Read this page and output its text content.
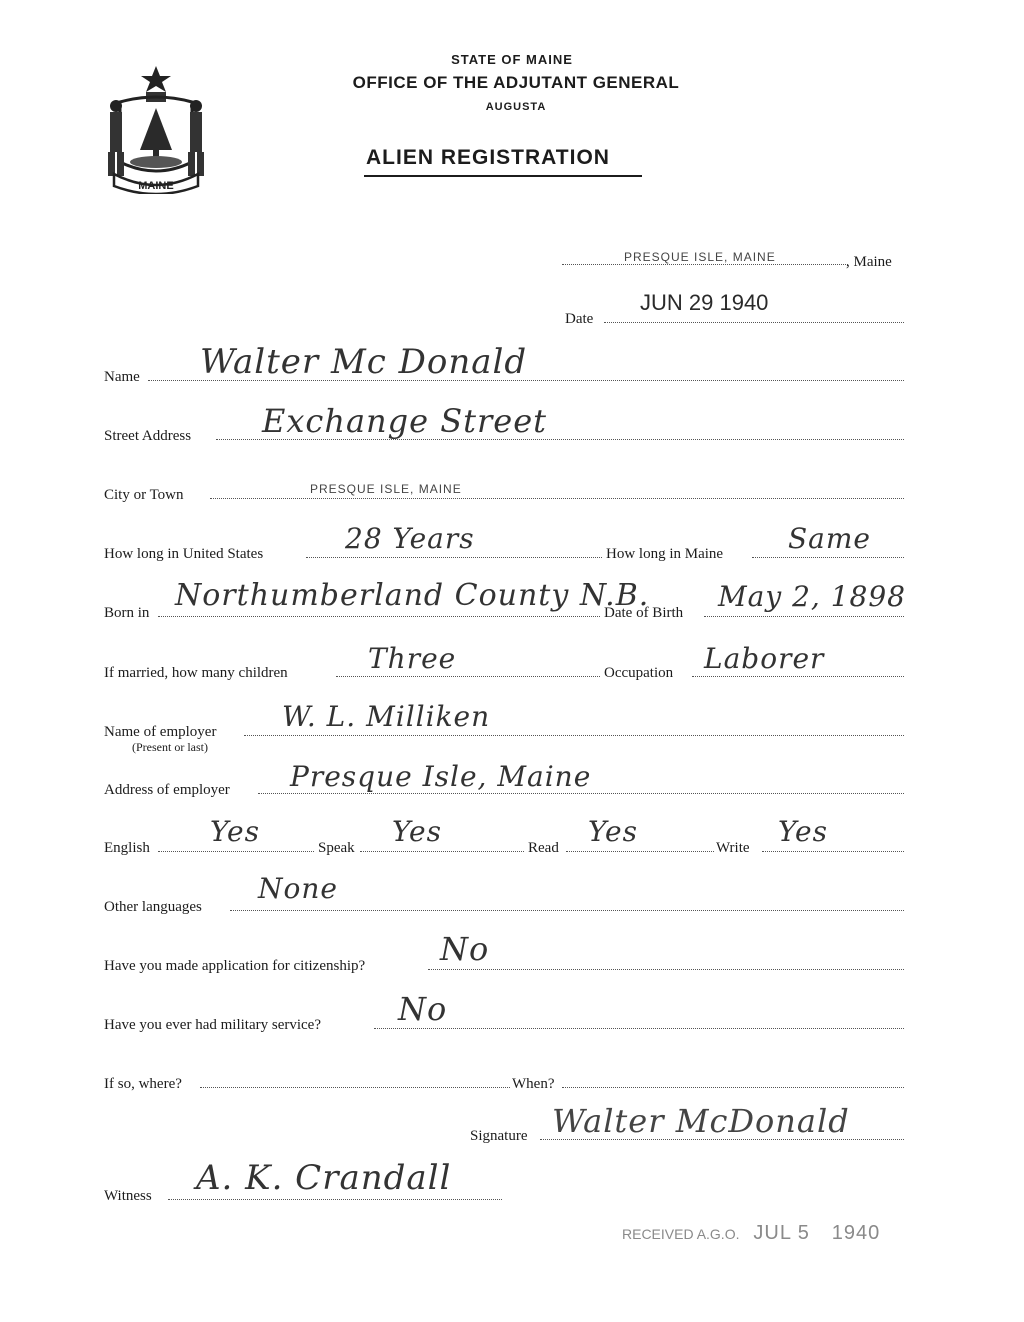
MAINE
STATE OF MAINE
OFFICE OF THE ADJUTANT GENERAL
AUGUSTA
ALIEN REGISTRATION
PRESQUE ISLE, MAINE	, Maine
Date
JUN 29 1940
Name Walter Mc Donald
Street Address Exchange Street
City or Town	PRESQUE ISLE, MAINE
How long in United States	28 Years	How long in Maine Same
Born in Northumberland County N.B.
Date of Birth May 2, 1898
If married, how many children	Three	Occupation Laborer
Name of employer
(Present or last)
W. L. Milliken
Address of employer Presque Isle, Maine
English Yes	Speak Yes	Read Yes	Write Yes
Other languages
None
Have you made application for citizenship? No
Have you ever had military service? No
If so, where?	When?
Signature Walter McDonald
Witness A. K. Crandall
RECEIVED A.G.O. JUL 5 1940
